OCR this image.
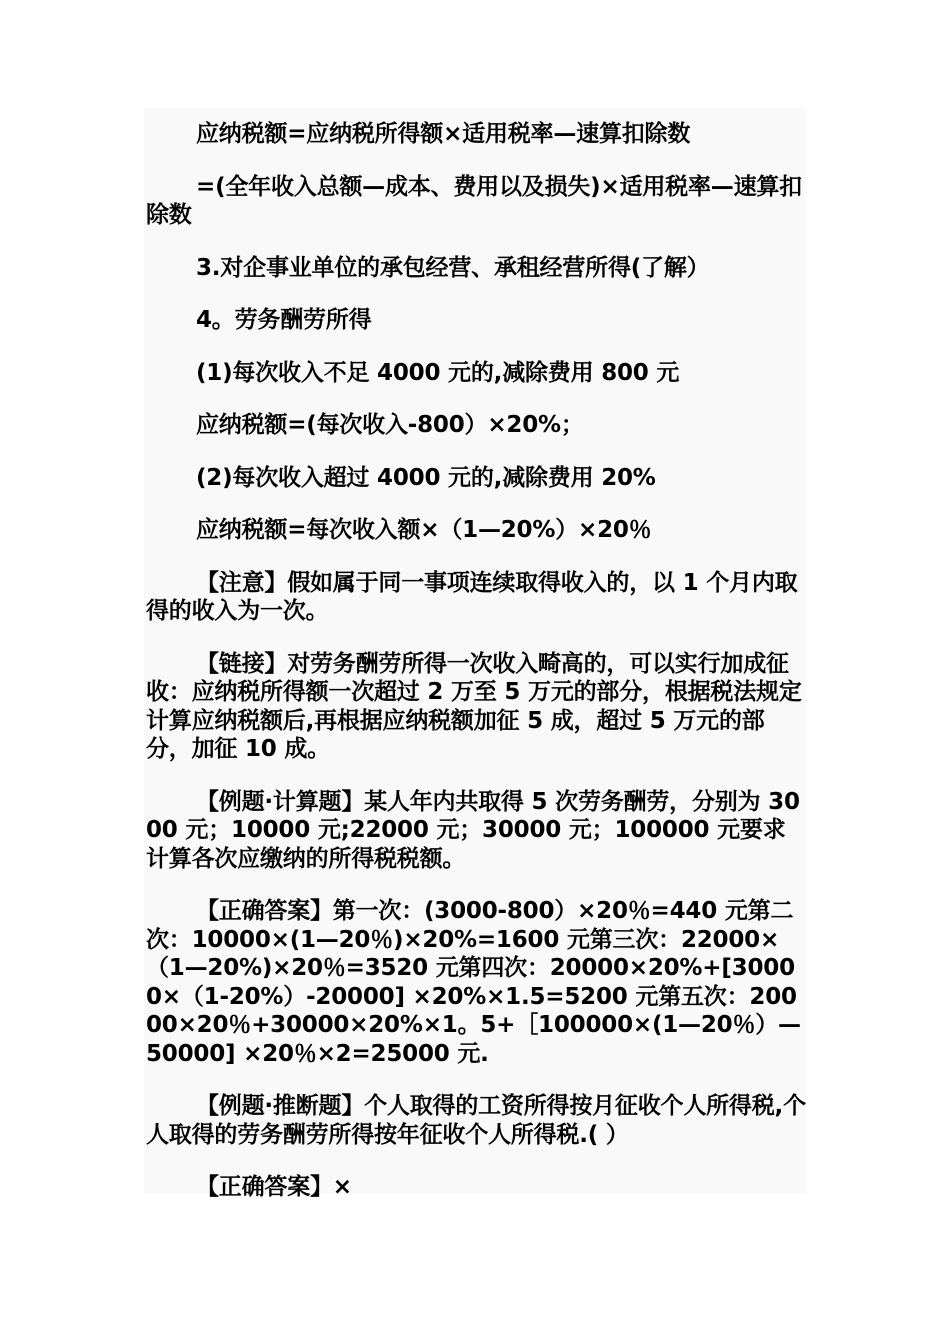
应纳税额=应纳税所得额×适用税率—速算扣除数

=(全年收入总额—成本、费用以及损失)×适用税率—速算扣除数

3.对企事业单位的承包经营、承租经营所得(了解）

4。劳务酬劳所得

(1)每次收入不足 4000 元的,减除费用 800 元

应纳税额=(每次收入-800）×20%；

(2)每次收入超过 4000 元的,减除费用 20%

应纳税额=每次收入额×（1—20%）×20％

【注意】假如属于同一事项连续取得收入的，以 1 个月内取得的收入为一次。

【链接】对劳务酬劳所得一次收入畸高的，可以实行加成征收：应纳税所得额一次超过 2 万至 5 万元的部分，根据税法规定计算应纳税额后,再根据应纳税额加征 5 成，超过 5 万元的部分，加征 10 成。

【例题·计算题】某人年内共取得 5 次劳务酬劳，分别为 3000 元；10000 元;22000 元；30000 元；100000 元要求计算各次应缴纳的所得税税额。

【正确答案】第一次：(3000-800）×20％=440 元第二次：10000×(1—20％)×20%=1600 元第三次：22000×（1—20%)×20％=3520 元第四次：20000×20%+[30000×（1-20%）-20000] ×20%×1.5=5200 元第五次：20000×20％+30000×20%×1。5+［100000×(1—20％）—50000] ×20％×2=25000 元.

【例题·推断题】个人取得的工资所得按月征收个人所得税,个人取得的劳务酬劳所得按年征收个人所得税.( ）

【正确答案】×
